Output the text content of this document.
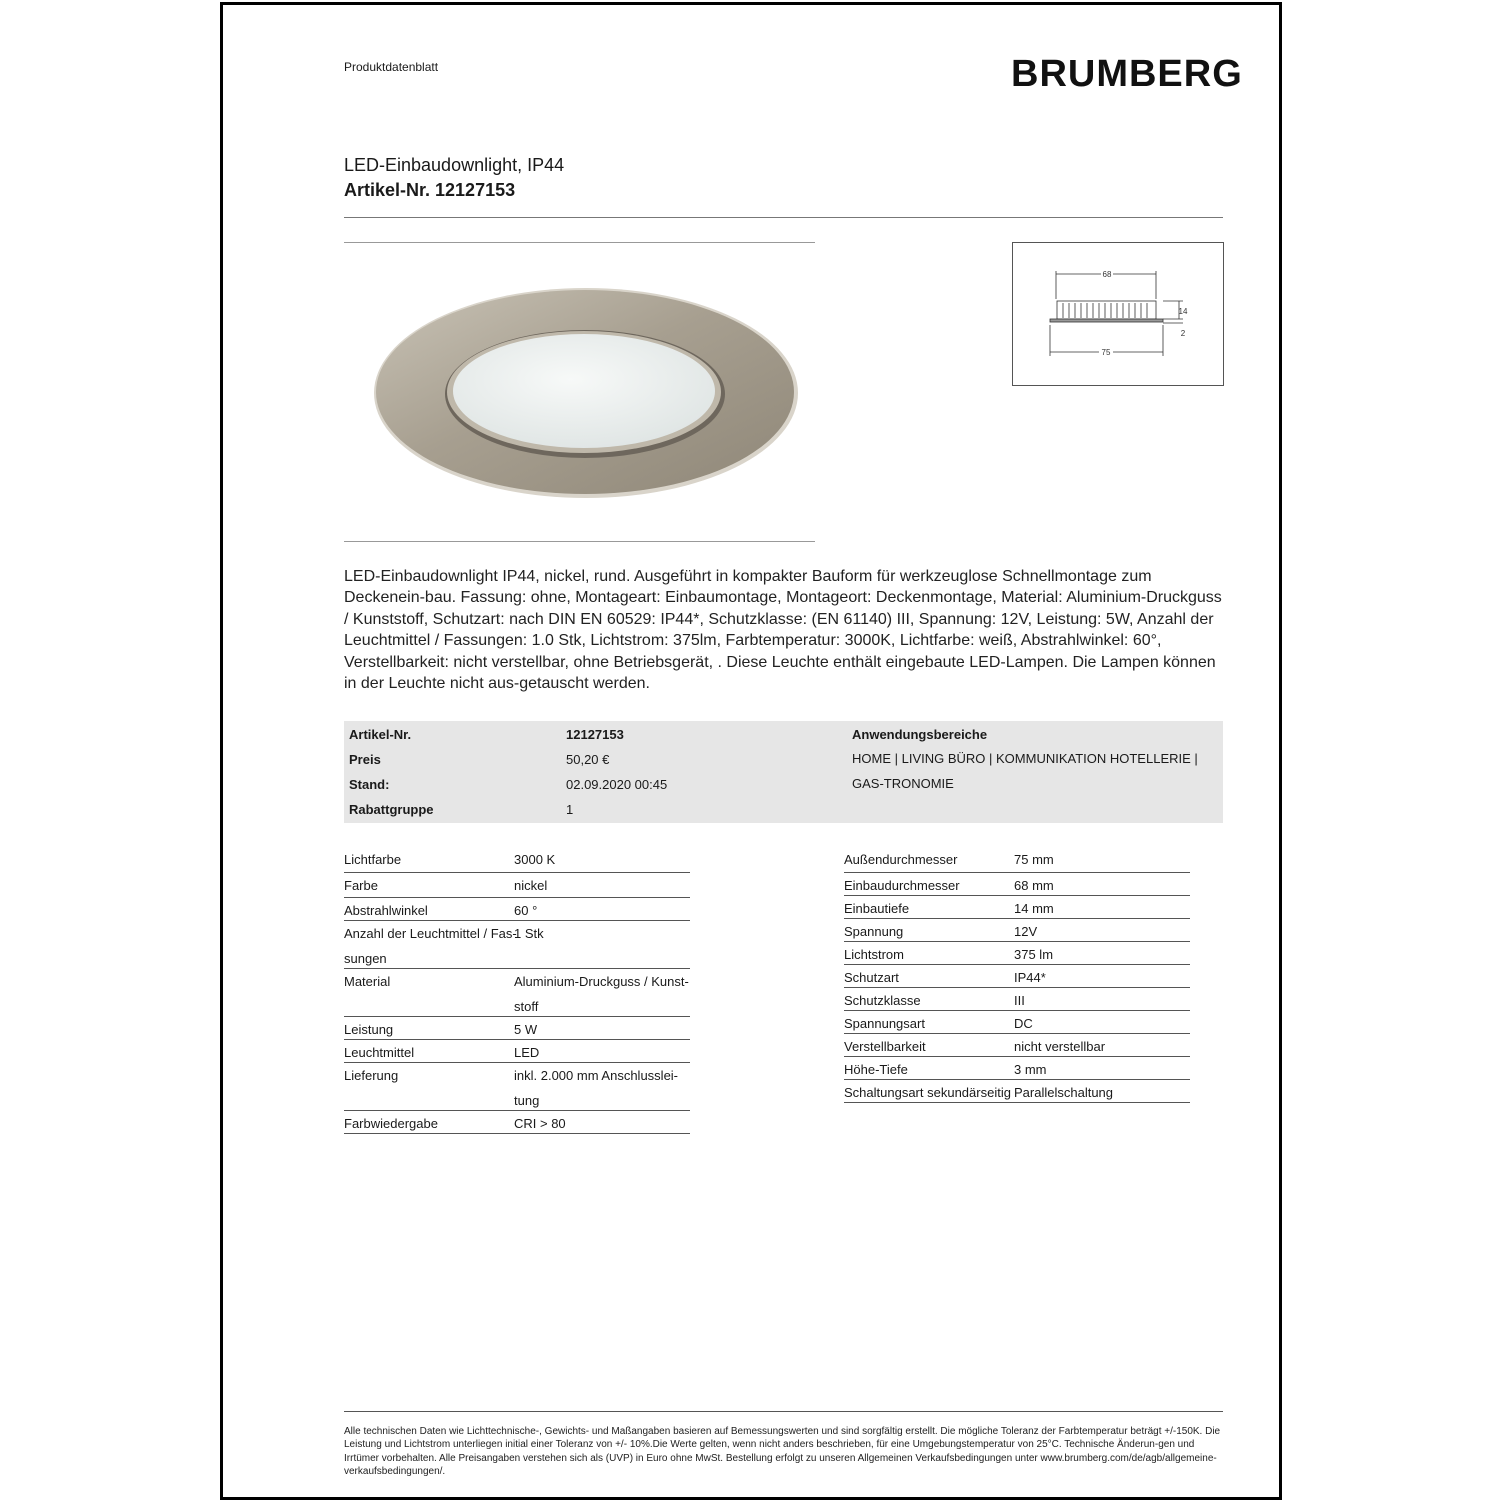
Produktdatenblatt	BRUMBERG
LED-Einbaudownlight, IP44
Artikel-Nr. 12127153
68
14
2
75
LED-Einbaudownlight IP44, nickel, rund. Ausgeführt in kompakter Bauform für werkzeuglose Schnellmontage zum Deckenein-bau. Fassung: ohne, Montageart: Einbaumontage, Montageort: Deckenmontage, Material: Aluminium-Druckguss / Kunststoff, Schutzart: nach DIN EN 60529: IP44*, Schutzklasse: (EN 61140) III, Spannung: 12V, Leistung: 5W, Anzahl der Leuchtmittel / Fassungen: 1.0 Stk, Lichtstrom: 375lm, Farbtemperatur: 3000K, Lichtfarbe: weiß, Abstrahlwinkel: 60°, Verstellbarkeit: nicht verstellbar, ohne Betriebsgerät, . Diese Leuchte enthält eingebaute LED-Lampen. Die Lampen können in der Leuchte nicht aus-getauscht werden.
Artikel-Nr.	12127153
Preis	50,20 €
Stand:	02.09.2020 00:45
Rabattgruppe	1
Anwendungsbereiche
HOME | LIVING BÜRO | KOMMUNIKATION HOTELLERIE | GAS-TRONOMIE
Lichtfarbe	3000 K
Farbe	nickel
Abstrahlwinkel	60 °
Anzahl der Leuchtmittel / Fas-sungen
1 Stk
Material	Aluminium-Druckguss / Kunst-stoff
Leistung	5 W
Leuchtmittel	LED
Lieferung	inkl. 2.000 mm Anschlusslei-tung
Farbwiedergabe	CRI > 80
Außendurchmesser	75 mm
Einbaudurchmesser	68 mm
Einbautiefe	14 mm
Spannung	12V
Lichtstrom	375 lm
Schutzart	IP44*
Schutzklasse	III
Spannungsart	DC
Verstellbarkeit	nicht verstellbar
Höhe-Tiefe	3 mm
Schaltungsart sekundärseitig Parallelschaltung
Alle technischen Daten wie Lichttechnische-, Gewichts- und Maßangaben basieren auf Bemessungswerten und sind sorgfältig erstellt. Die mögliche Toleranz der Farbtemperatur beträgt +/-150K. Die Leistung und Lichtstrom unterliegen initial einer Toleranz von +/- 10%.Die Werte gelten, wenn nicht anders beschrieben, für eine Umgebungstemperatur von 25°C. Technische Änderun-gen und Irrtümer vorbehalten. Alle Preisangaben verstehen sich als (UVP) in Euro ohne MwSt. Bestellung erfolgt zu unseren Allgemeinen Verkaufsbedingungen unter www.brumberg.com/de/agb/allgemeine-verkaufsbedingungen/.
